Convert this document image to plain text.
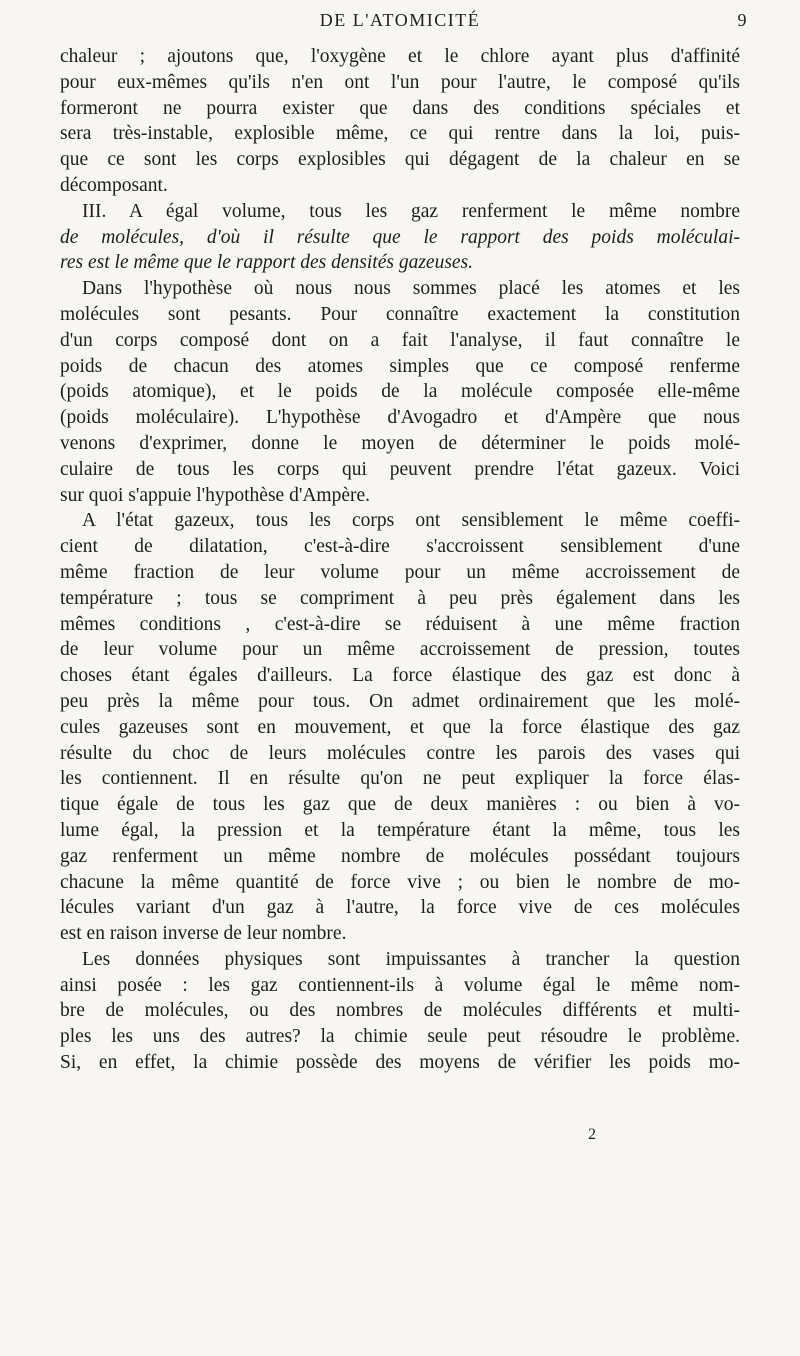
DE L'ATOMICITÉ	9
chaleur ; ajoutons que, l'oxygène et le chlore ayant plus d'affinité
pour eux-mêmes qu'ils n'en ont l'un pour l'autre, le composé qu'ils
formeront ne pourra exister que dans des conditions spéciales et
sera très-instable, explosible même, ce qui rentre dans la loi, puis-
que ce sont les corps explosibles qui dégagent de la chaleur en se
décomposant.
III. A égal volume, tous les gaz renferment le même nombre
de molécules, d'où il résulte que le rapport des poids moléculai-
res est le même que le rapport des densités gazeuses.
Dans l'hypothèse où nous nous sommes placé les atomes et les
molécules sont pesants. Pour connaître exactement la constitution
d'un corps composé dont on a fait l'analyse, il faut connaître le
poids de chacun des atomes simples que ce composé renferme
(poids atomique), et le poids de la molécule composée elle-même
(poids moléculaire). L'hypothèse d'Avogadro et d'Ampère que nous
venons d'exprimer, donne le moyen de déterminer le poids molé-
culaire de tous les corps qui peuvent prendre l'état gazeux. Voici
sur quoi s'appuie l'hypothèse d'Ampère.
A l'état gazeux, tous les corps ont sensiblement le même coeffi-
cient de dilatation, c'est-à-dire s'accroissent sensiblement d'une
même fraction de leur volume pour un même accroissement de
température ; tous se compriment à peu près également dans les
mêmes conditions , c'est-à-dire se réduisent à une même fraction
de leur volume pour un même accroissement de pression, toutes
choses étant égales d'ailleurs. La force élastique des gaz est donc à
peu près la même pour tous. On admet ordinairement que les molé-
cules gazeuses sont en mouvement, et que la force élastique des gaz
résulte du choc de leurs molécules contre les parois des vases qui
les contiennent. Il en résulte qu'on ne peut expliquer la force élas-
tique égale de tous les gaz que de deux manières : ou bien à vo-
lume égal, la pression et la température étant la même, tous les
gaz renferment un même nombre de molécules possédant toujours
chacune la même quantité de force vive ; ou bien le nombre de mo-
lécules variant d'un gaz à l'autre, la force vive de ces molécules
est en raison inverse de leur nombre.
Les données physiques sont impuissantes à trancher la question
ainsi posée : les gaz contiennent-ils à volume égal le même nom-
bre de molécules, ou des nombres de molécules différents et multi-
ples les uns des autres? la chimie seule peut résoudre le problème.
Si, en effet, la chimie possède des moyens de vérifier les poids mo-
2
